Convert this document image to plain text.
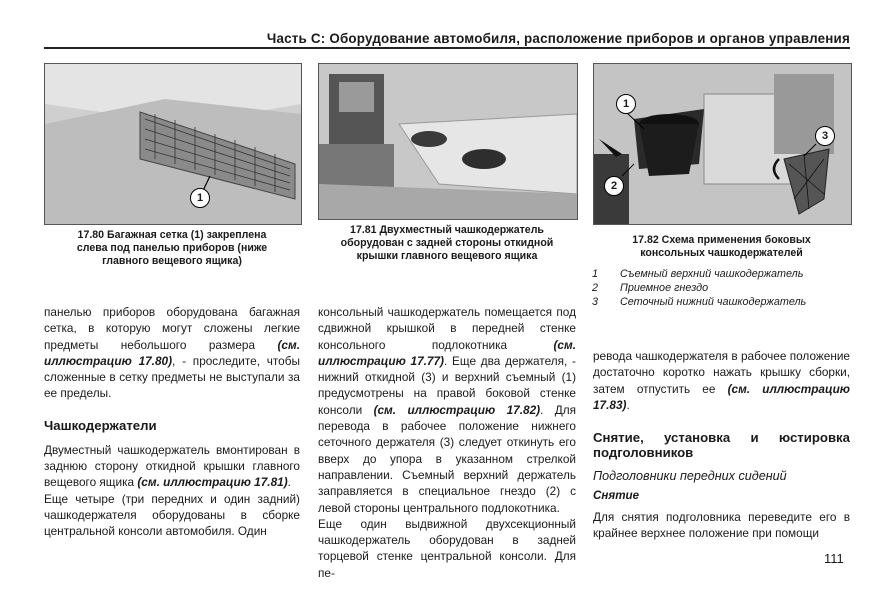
Часть С: Оборудование автомобиля, расположение приборов и органов управления
1
17.80 Багажная сетка (1) закреплена
слева под панелью приборов (ниже
главного вещевого ящика)
17.81 Двухместный чашкодержатель
оборудован с задней стороны откидной
крышки главного вещевого ящика
1
2
3
17.82 Схема применения боковых
консольных чашкодержателей
1	Съемный верхний чашкодержатель
2	Приемное гнездо
3	Сеточный нижний чашкодержатель

панелью приборов оборудована багажная сетка, в которую могут сложены легкие предметы небольшого размера (см. иллюстрацию 17.80), - проследите, чтобы сложенные в сетку предметы не выступали за ее пределы.

Чашкодержатели

Двуместный чашкодержатель вмонтирован в заднюю сторону откидной крышки главного вещевого ящика (см. иллюстрацию 17.81).

Еще четыре (три передних и один задний) чашкодержателя оборудованы в сборке центральной консоли автомобиля. Один

консольный чашкодержатель помещается под сдвижной крышкой в передней стенке консольного подлокотника (см. иллюстрацию 17.77). Еще два держателя, - нижний откидной (3) и верхний съемный (1) предусмотрены на правой боковой стенке консоли (см. иллюстрацию 17.82). Для перевода в рабочее положение нижнего сеточного держателя (3) следует откинуть его вверх до упора в указанном стрелкой направлении. Съемный верхний держатель заправляется в специальное гнездо (2) с левой стороны центрального подлокотника.

Еще один выдвижной двухсекционный чашкодержатель оборудован в задней торцевой стенке центральной консоли. Для пе-

ревода чашкодержателя в рабочее положение достаточно коротко нажать крышку сборки, затем отпустить ее (см. иллюстрацию 17.83).

Снятие, установка и юстировка подголовников
Подголовники передних сидений
Снятие

Для снятия подголовника переведите его в крайнее верхнее положение при помощи

111
